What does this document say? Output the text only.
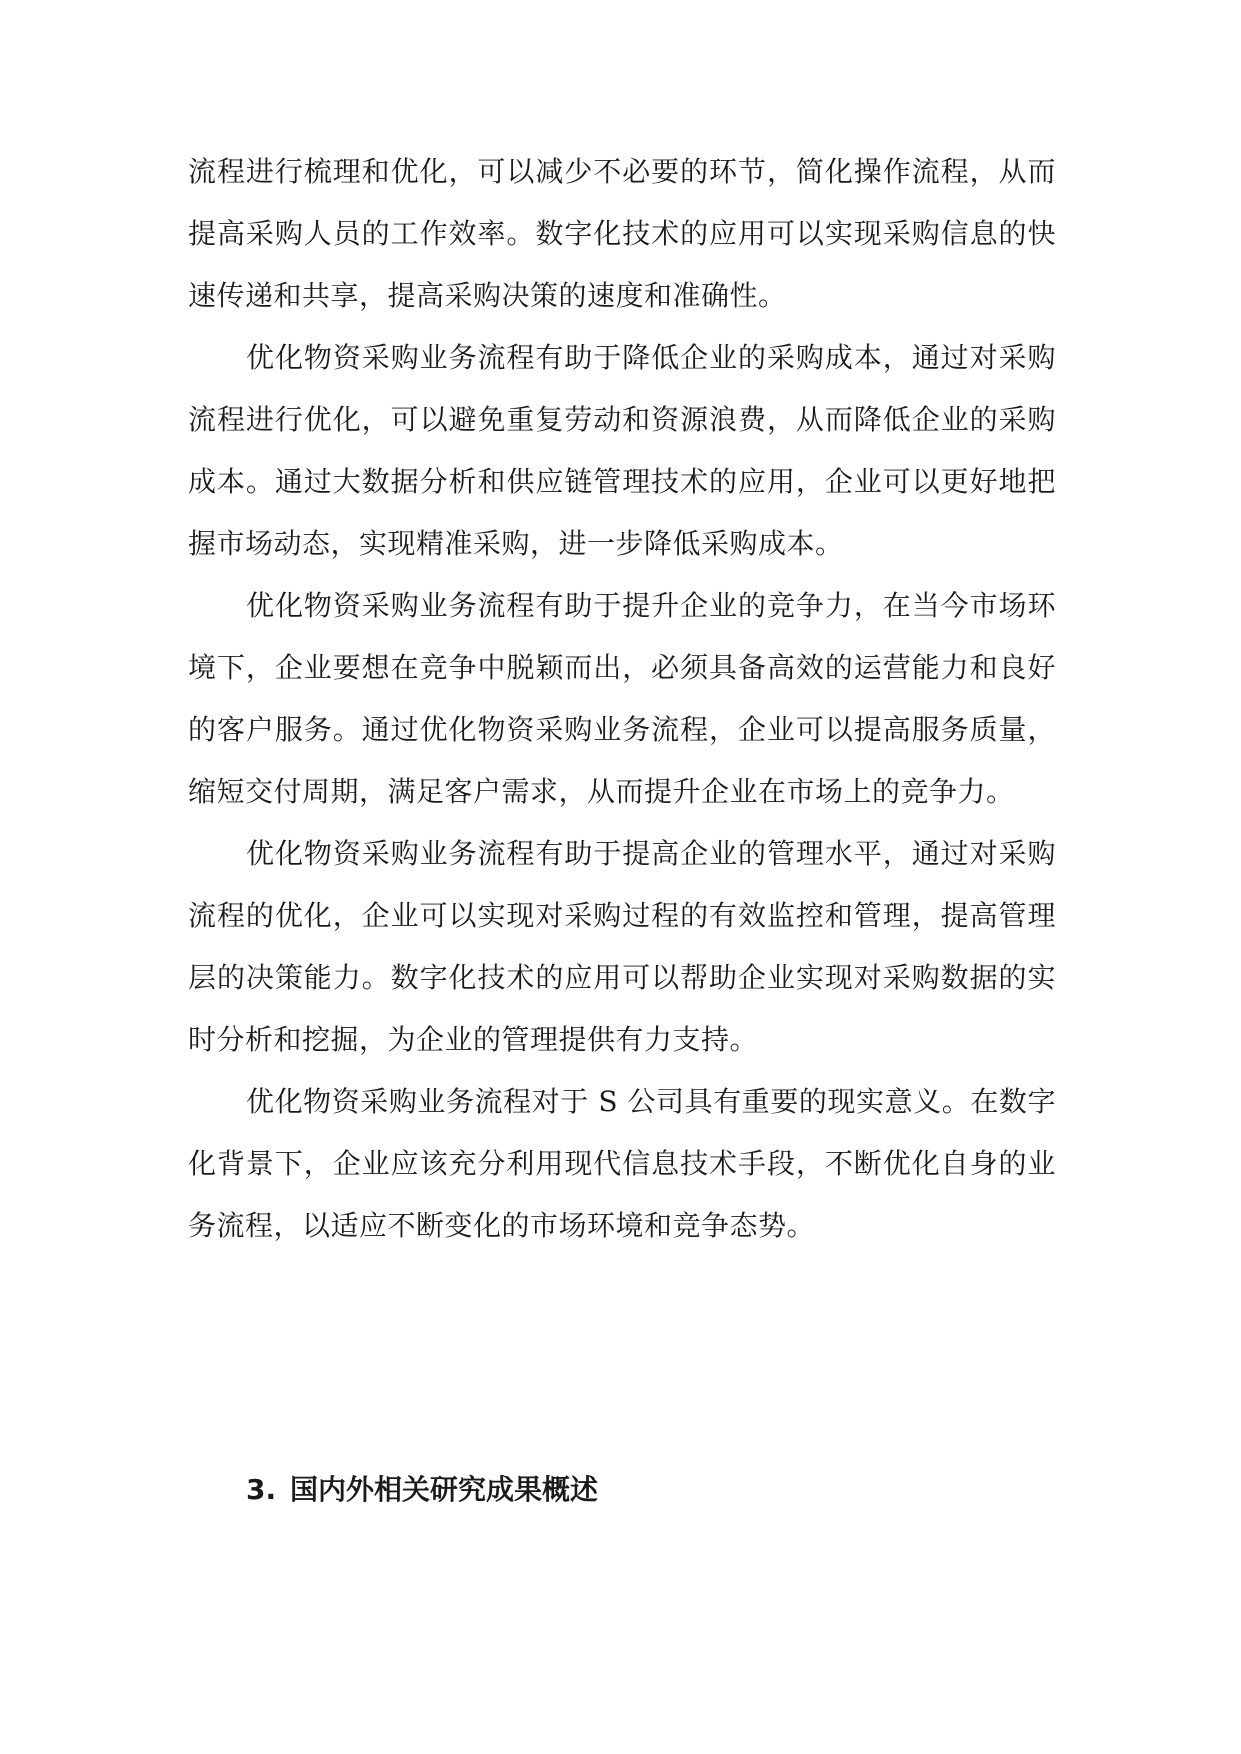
流程进行梳理和优化，可以减少不必要的环节，简化操作流程，从而提高采购人员的工作效率。数字化技术的应用可以实现采购信息的快速传递和共享，提高采购决策的速度和准确性。

优化物资采购业务流程有助于降低企业的采购成本，通过对采购流程进行优化，可以避免重复劳动和资源浪费，从而降低企业的采购成本。通过大数据分析和供应链管理技术的应用，企业可以更好地把握市场动态，实现精准采购，进一步降低采购成本。

优化物资采购业务流程有助于提升企业的竞争力，在当今市场环境下，企业要想在竞争中脱颖而出，必须具备高效的运营能力和良好的客户服务。通过优化物资采购业务流程，企业可以提高服务质量，缩短交付周期，满足客户需求，从而提升企业在市场上的竞争力。

优化物资采购业务流程有助于提高企业的管理水平，通过对采购流程的优化，企业可以实现对采购过程的有效监控和管理，提高管理层的决策能力。数字化技术的应用可以帮助企业实现对采购数据的实时分析和挖掘，为企业的管理提供有力支持。

优化物资采购业务流程对于 S 公司具有重要的现实意义。在数字化背景下，企业应该充分利用现代信息技术手段，不断优化自身的业务流程，以适应不断变化的市场环境和竞争态势。

3. 国内外相关研究成果概述
